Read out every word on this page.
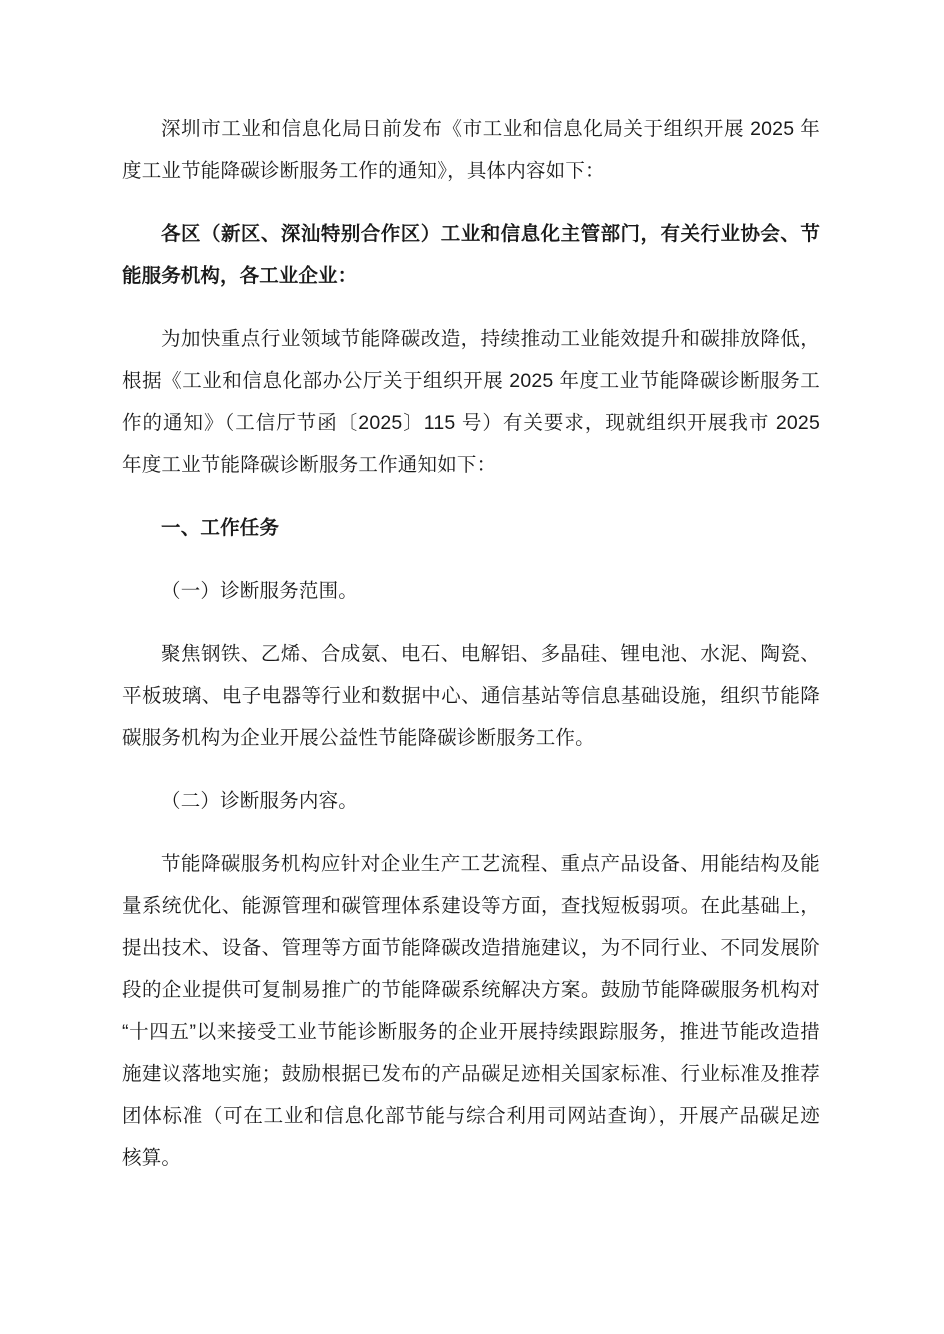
深圳市工业和信息化局日前发布《市工业和信息化局关于组织开展 2025 年度工业节能降碳诊断服务工作的通知》，具体内容如下：

各区（新区、深汕特别合作区）工业和信息化主管部门，有关行业协会、节能服务机构，各工业企业：

为加快重点行业领域节能降碳改造，持续推动工业能效提升和碳排放降低，根据《工业和信息化部办公厅关于组织开展 2025 年度工业节能降碳诊断服务工作的通知》（工信厅节函〔2025〕115 号）有关要求，现就组织开展我市 2025 年度工业节能降碳诊断服务工作通知如下：

一、工作任务

（一）诊断服务范围。

聚焦钢铁、乙烯、合成氨、电石、电解铝、多晶硅、锂电池、水泥、陶瓷、平板玻璃、电子电器等行业和数据中心、通信基站等信息基础设施，组织节能降碳服务机构为企业开展公益性节能降碳诊断服务工作。

（二）诊断服务内容。

节能降碳服务机构应针对企业生产工艺流程、重点产品设备、用能结构及能量系统优化、能源管理和碳管理体系建设等方面，查找短板弱项。在此基础上，提出技术、设备、管理等方面节能降碳改造措施建议，为不同行业、不同发展阶段的企业提供可复制易推广的节能降碳系统解决方案。鼓励节能降碳服务机构对“十四五”以来接受工业节能诊断服务的企业开展持续跟踪服务，推进节能改造措施建议落地实施；鼓励根据已发布的产品碳足迹相关国家标准、行业标准及推荐团体标准（可在工业和信息化部节能与综合利用司网站查询），开展产品碳足迹核算。
